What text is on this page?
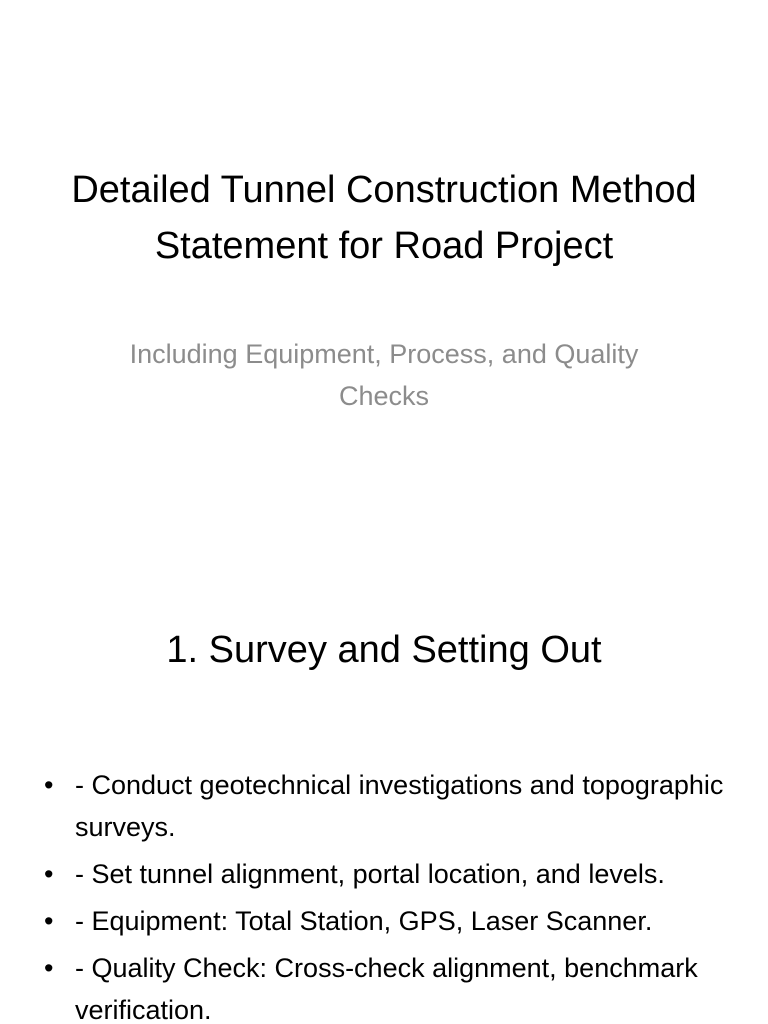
Detailed Tunnel Construction Method Statement for Road Project

Including Equipment, Process, and Quality Checks

1. Survey and Setting Out
• - Conduct geotechnical investigations and topographic surveys.
• - Set tunnel alignment, portal location, and levels.
• - Equipment: Total Station, GPS, Laser Scanner.
• - Quality Check: Cross-check alignment, benchmark verification.
